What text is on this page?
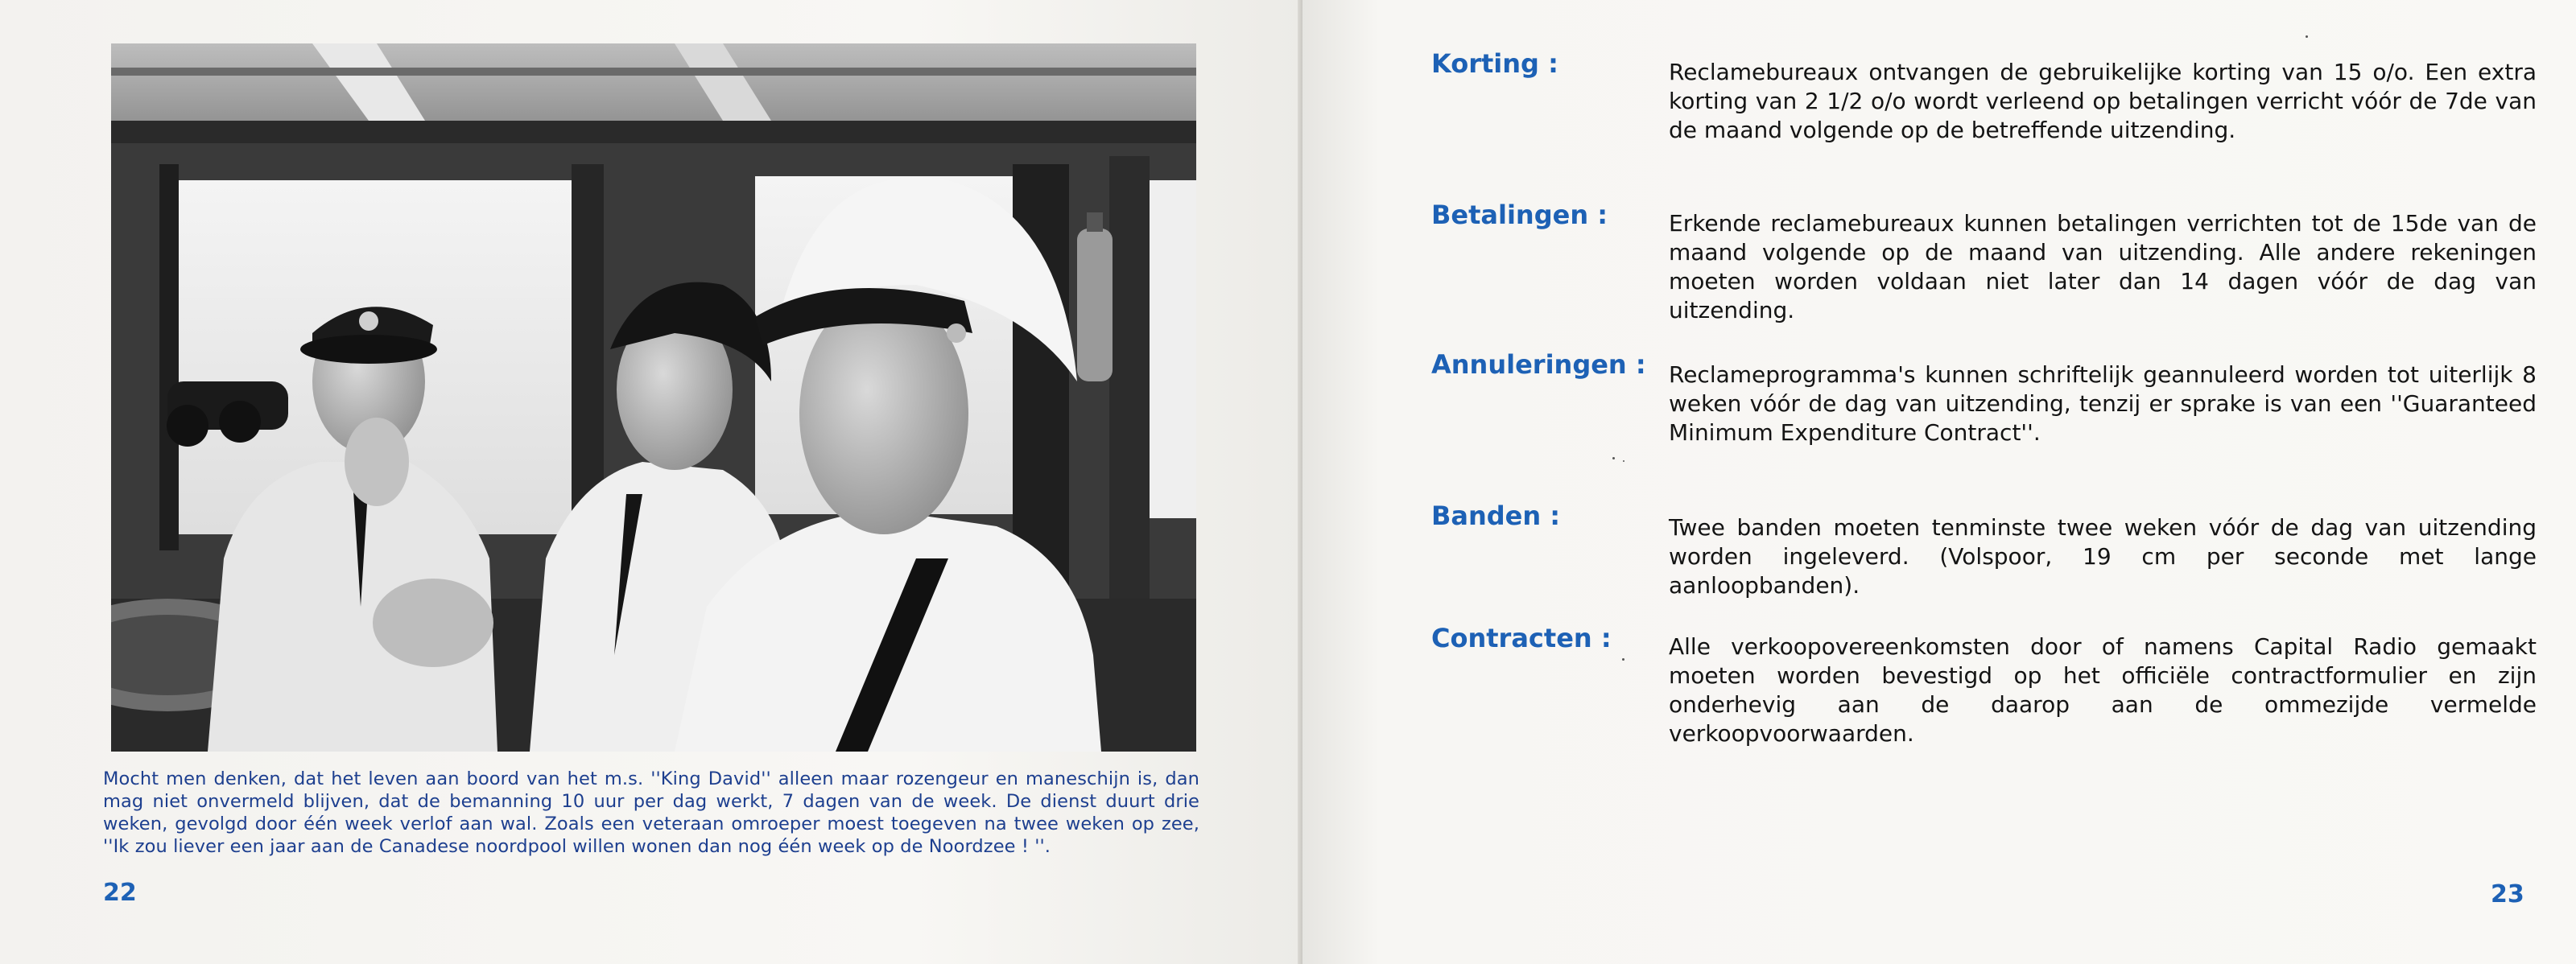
Mocht men denken, dat het leven aan boord van het m.s. ''King David'' alleen maar rozengeur en maneschijn is, dan mag niet onvermeld blijven, dat de bemanning 10 uur per dag werkt, 7 dagen van de week. De dienst duurt drie weken, gevolgd door één week verlof aan wal. Zoals een veteraan omroeper moest toegeven na twee weken op zee, ''Ik zou liever een jaar aan de Canadese noordpool willen wonen dan nog één week op de Noordzee ! ''.
22
Korting :	Reclamebureaux ontvangen de gebruikelijke korting van 15 o/o. Een extra korting van 2 1/2 o/o wordt verleend op betalingen verricht vóór de 7de van de maand volgende op de betreffende uitzending.
Betalingen :	Erkende reclamebureaux kunnen betalingen verrichten tot de 15de van de maand volgende op de maand van uitzending. Alle andere rekeningen moeten worden voldaan niet later dan 14 dagen vóór de dag van uitzending.
Annuleringen : Reclameprogramma's kunnen schriftelijk geannuleerd worden tot uiterlijk 8 weken vóór de dag van uitzending, tenzij er sprake is van een ''Guaranteed Minimum Expenditure Contract''.
Banden :	Twee banden moeten tenminste twee weken vóór de dag van uitzending worden ingeleverd. (Volspoor, 19 cm per seconde met lange aanloopbanden).
Contracten :	Alle verkoopovereenkomsten door of namens Capital Radio gemaakt moeten worden bevestigd op het officiële contractformulier en zijn onderhevig aan de daarop aan de ommezijde vermelde verkoopvoorwaarden.
23
